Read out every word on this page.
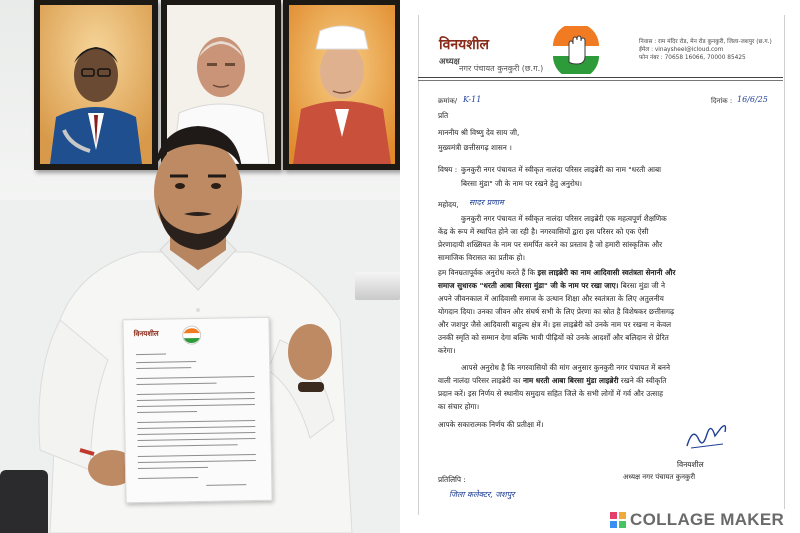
विनयशील
विनयशील
अध्यक्ष
नगर पंचायत कुनकुरी (छ.ग.)
निवास : राम मंदिर रोड, मेन रोड कुनकुरी, जिला-जशपुर (छ.ग.)
ईमेल : vinaysheel@icloud.com
फोन नंबर : 70658 16066, 70000 85425
क्रमांक/ K-11	दिनांक : 16/6/25
प्रति
माननीय श्री विष्णु देव साय जी,
मुख्यमंत्री छत्तीसगढ़ शासन ।
विषय : कुनकुरी नगर पंचायत में स्वीकृत नालंदा परिसर लाइब्रेरी का नाम "धरती आबा
बिरसा मुंडा" जी के नाम पर रखने हेतु अनुरोध।
महोदय, सादर प्रणाम
कुनकुरी नगर पंचायत में स्वीकृत नालंदा परिसर लाइब्रेरी एक महत्वपूर्ण शैक्षणिक
केंद्र के रूप में स्थापित होने जा रही है। नगरवासियों द्वारा इस परिसर को एक ऐसी
प्रेरणादायी शख्सियत के नाम पर समर्पित करने का प्रस्ताव है जो हमारी सांस्कृतिक और
सामाजिक विरासत का प्रतीक हो।
हम विनम्रतापूर्वक अनुरोध करते हैं कि इस लाइब्रेरी का नाम आदिवासी स्वतंत्रता सेनानी और
समाज सुधारक "धरती आबा बिरसा मुंडा" जी के नाम पर रखा जाए। बिरसा मुंडा जी ने
अपने जीवनकाल में आदिवासी समाज के उत्थान शिक्षा और स्वतंत्रता के लिए अतुलनीय
योगदान दिया। उनका जीवन और संघर्ष सभी के लिए प्रेरणा का स्रोत है विशेषकर छत्तीसगढ़
और जशपुर जैसे आदिवासी बाहुल्य क्षेत्र में। इस लाइब्रेरी को उनके नाम पर रखना न केवल
उनकी स्मृति को सम्मान देगा बल्कि भावी पीढ़ियों को उनके आदर्शों और बलिदान से प्रेरित
करेगा।
आपसे अनुरोध है कि नगरवासियों की मांग अनुसार कुनकुरी नगर पंचायत में बनने
वाली नालंदा परिसर लाइब्रेरी का नाम धरती आबा बिरसा मुंडा लाइब्रेरी रखने की स्वीकृति
प्रदान करें। इस निर्णय से स्थानीय समुदाय सहित जिले के सभी लोगों में गर्व और उत्साह
का संचार होगा।
आपके सकारात्मक निर्णय की प्रतीक्षा में।
विनयशील
अध्यक्ष नगर पंचायत कुनकुरी
प्रतिलिपि :
जिला कलेक्टर, जशपुर
COLLAGE MAKER
